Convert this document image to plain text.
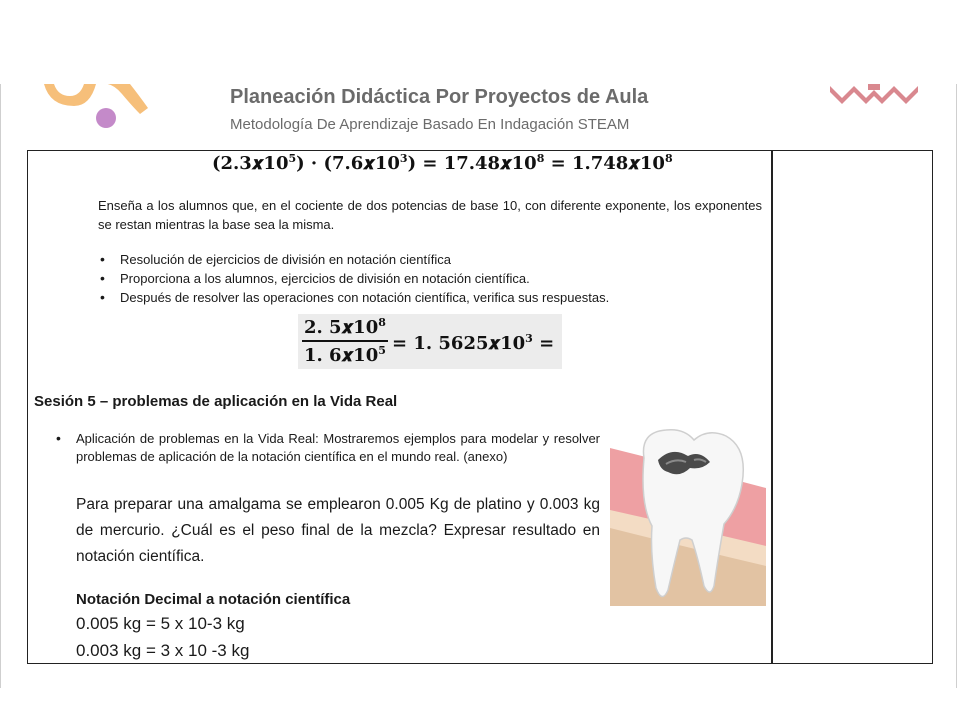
Planeación Didáctica Por Proyectos de Aula
Metodología De Aprendizaje Basado En Indagación STEAM
$(2.3𝒙10^5)$ · $(7.6𝒙10^3)$ = $17.48𝒙10^8$ = $1.748𝒙10^8$
Enseña a los alumnos que, en el cociente de dos potencias de base 10, con diferente exponente, los exponentes se restan mientras la base sea la misma.
• Resolución de ejercicios de división en notación científica
• Proporciona a los alumnos, ejercicios de división en notación científica.
• Después de resolver las operaciones con notación científica, verifica sus respuestas.
2. $5𝒙10^8$
1. $6𝒙10^5 = 1$. $5625𝒙10^3$ =
Sesión 5 – problemas de aplicación en la Vida Real
• Aplicación de problemas en la Vida Real: Mostraremos ejemplos para modelar y resolver problemas de aplicación de la notación científica en el mundo real. (anexo)
Para preparar una amalgama se emplearon 0.005 Kg de platino y 0.003 kg de mercurio. ¿Cuál es el peso final de la mezcla? Expresar resultado en notación científica.
Notación Decimal a notación científica
0.005 kg = 5 x 10-3 kg
0.003 kg = 3 x 10 -3 kg
